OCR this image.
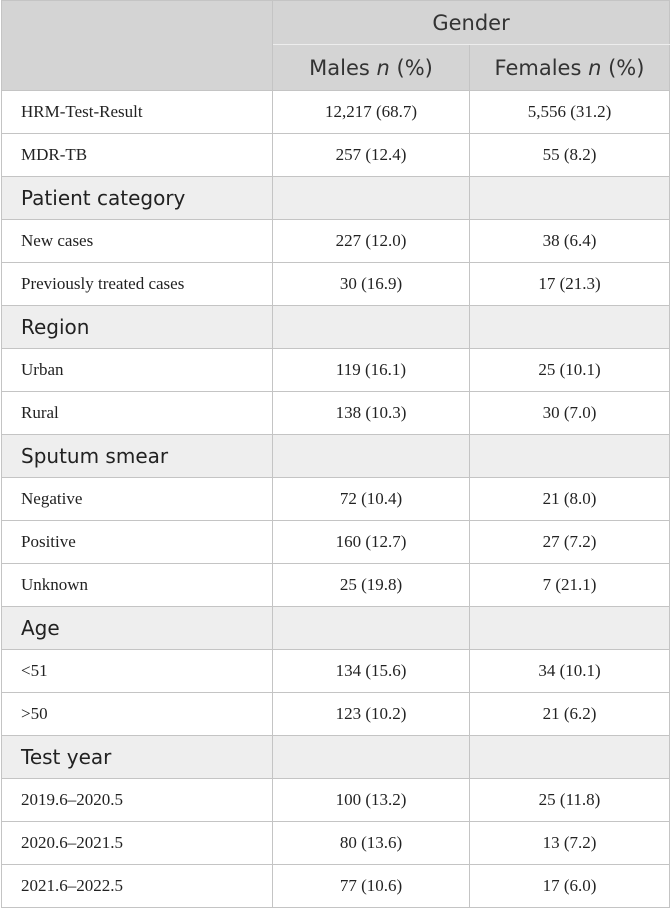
	Gender	
	Males n (%)	Females n (%)
HRM-Test-Result	12,217 (68.7)	5,556 (31.2)
MDR-TB	257 (12.4)	55 (8.2)
Patient category		
New cases	227 (12.0)	38 (6.4)
Previously treated cases	30 (16.9)	17 (21.3)
Region		
Urban	119 (16.1)	25 (10.1)
Rural	138 (10.3)	30 (7.0)
Sputum smear		
Negative	72 (10.4)	21 (8.0)
Positive	160 (12.7)	27 (7.2)
Unknown	25 (19.8)	7 (21.1)
Age		
<51	134 (15.6)	34 (10.1)
>50	123 (10.2)	21 (6.2)
Test year		
2019.6–2020.5	100 (13.2)	25 (11.8)
2020.6–2021.5	80 (13.6)	13 (7.2)
2021.6–2022.5	77 (10.6)	17 (6.0)
